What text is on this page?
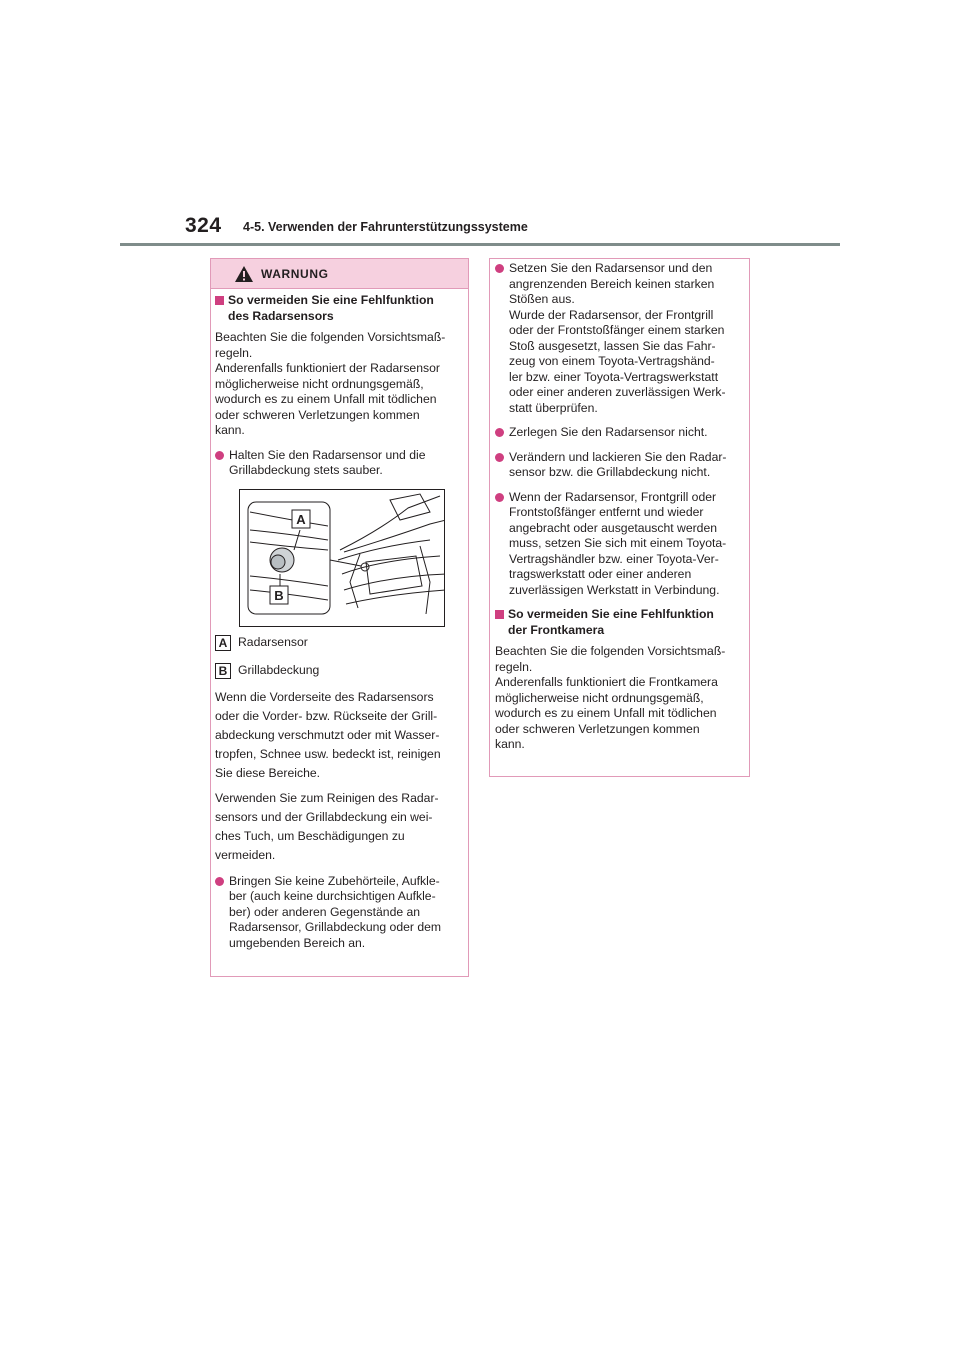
324 4-5. Verwenden der Fahrunterstützungssysteme
WARNUNG
So vermeiden Sie eine Fehlfunktion
des Radarsensors
Beachten Sie die folgenden Vorsichtsmaß-
regeln.
Anderenfalls funktioniert der Radarsensor
möglicherweise nicht ordnungsgemäß,
wodurch es zu einem Unfall mit tödlichen
oder schweren Verletzungen kommen
kann.
Halten Sie den Radarsensor und die
Grillabdeckung stets sauber.
A
B
A Radarsensor
B Grillabdeckung
Wenn die Vorderseite des Radarsensors
oder die Vorder- bzw. Rückseite der Grill-
abdeckung verschmutzt oder mit Wasser-
tropfen, Schnee usw. bedeckt ist, reinigen
Sie diese Bereiche.
Verwenden Sie zum Reinigen des Radar-
sensors und der Grillabdeckung ein wei-
ches Tuch, um Beschädigungen zu
vermeiden.
Bringen Sie keine Zubehörteile, Aufkle-
ber (auch keine durchsichtigen Aufkle-
ber) oder anderen Gegenstände an
Radarsensor, Grillabdeckung oder dem
umgebenden Bereich an.
Setzen Sie den Radarsensor und den
angrenzenden Bereich keinen starken
Stößen aus.
Wurde der Radarsensor, der Frontgrill
oder der Frontstoßfänger einem starken
Stoß ausgesetzt, lassen Sie das Fahr-
zeug von einem Toyota-Vertragshänd-
ler bzw. einer Toyota-Vertragswerkstatt
oder einer anderen zuverlässigen Werk-
statt überprüfen.
Zerlegen Sie den Radarsensor nicht.
Verändern und lackieren Sie den Radar-
sensor bzw. die Grillabdeckung nicht.
Wenn der Radarsensor, Frontgrill oder
Frontstoßfänger entfernt und wieder
angebracht oder ausgetauscht werden
muss, setzen Sie sich mit einem Toyota-
Vertragshändler bzw. einer Toyota-Ver-
tragswerkstatt oder einer anderen
zuverlässigen Werkstatt in Verbindung.
So vermeiden Sie eine Fehlfunktion
der Frontkamera
Beachten Sie die folgenden Vorsichtsmaß-
regeln.
Anderenfalls funktioniert die Frontkamera
möglicherweise nicht ordnungsgemäß,
wodurch es zu einem Unfall mit tödlichen
oder schweren Verletzungen kommen
kann.
